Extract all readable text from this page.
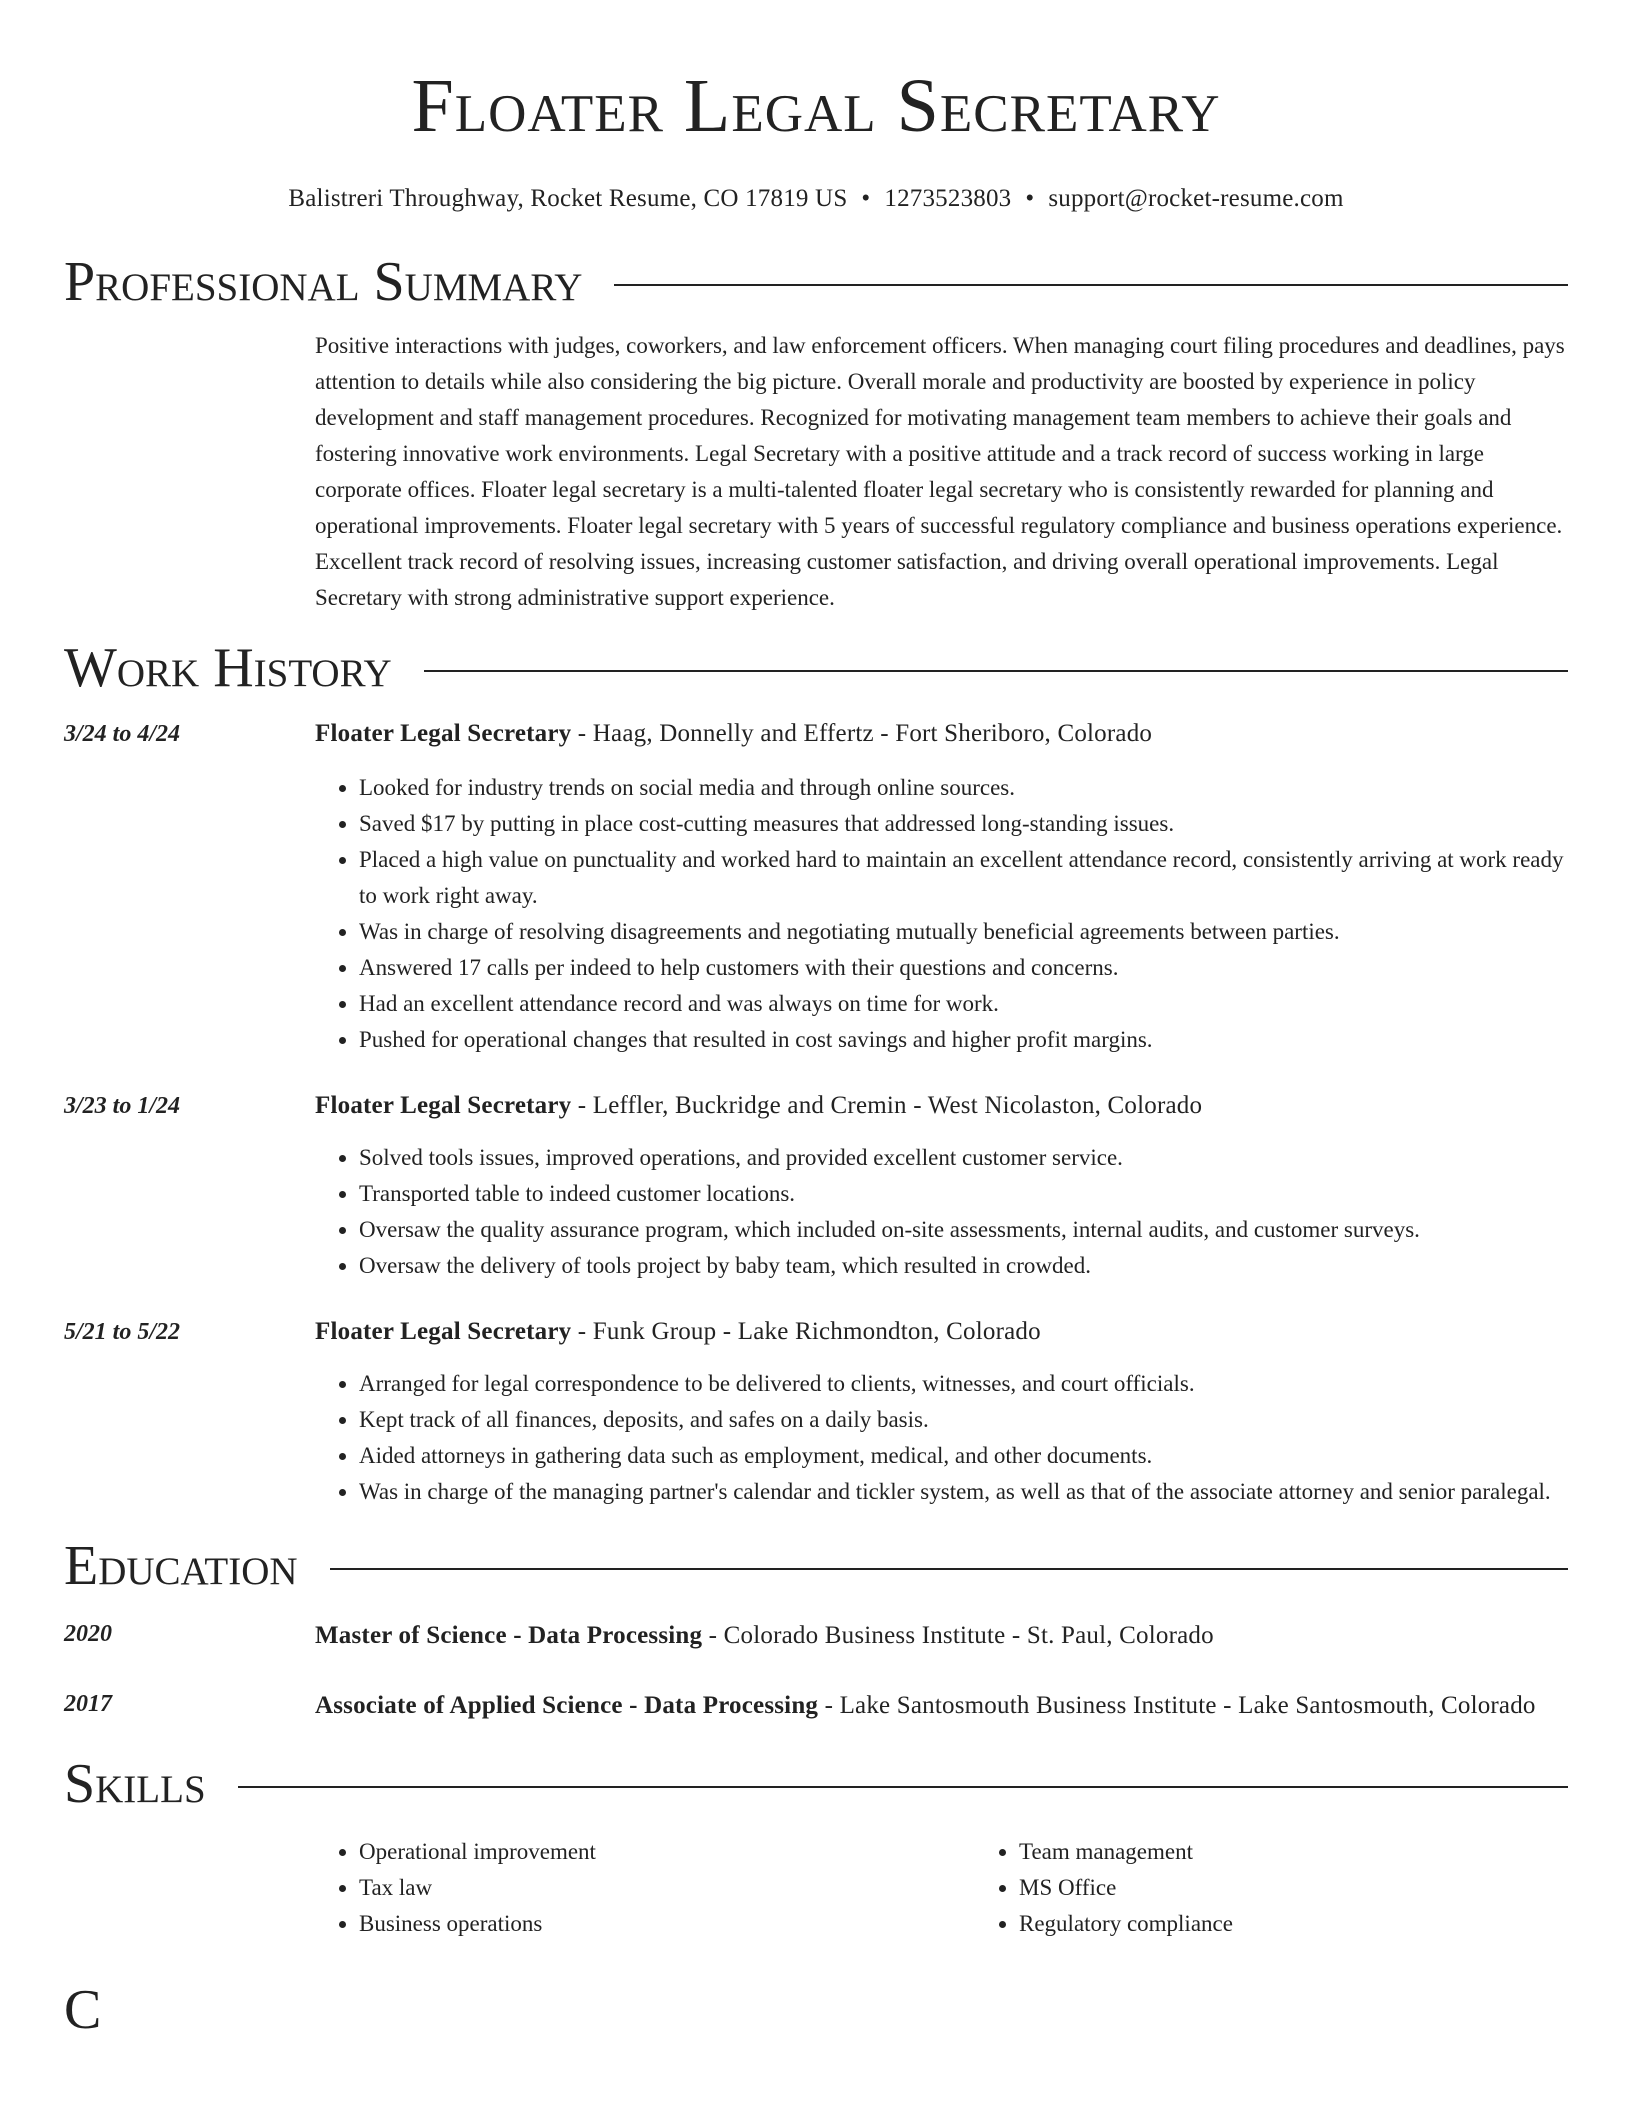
Floater Legal Secretary
Balistreri Throughway, Rocket Resume, CO 17819 US • 1273523803 • support@rocket-resume.com
Professional Summary

Positive interactions with judges, coworkers, and law enforcement officers. When managing court filing procedures and deadlines, pays attention to details while also considering the big picture. Overall morale and productivity are boosted by experience in policy development and staff management procedures. Recognized for motivating management team members to achieve their goals and fostering innovative work environments. Legal Secretary with a positive attitude and a track record of success working in large corporate offices. Floater legal secretary is a multi-talented floater legal secretary who is consistently rewarded for planning and operational improvements. Floater legal secretary with 5 years of successful regulatory compliance and business operations experience. Excellent track record of resolving issues, increasing customer satisfaction, and driving overall operational improvements. Legal Secretary with strong administrative support experience.

Work History
3/24 to 4/24	Floater Legal Secretary - Haag, Donnelly and Effertz - Fort Sheriboro, Colorado
• Looked for industry trends on social media and through online sources.
• Saved $17 by putting in place cost-cutting measures that addressed long-standing issues.
• Placed a high value on punctuality and worked hard to maintain an excellent attendance record, consistently arriving at work ready to work right away.
• Was in charge of resolving disagreements and negotiating mutually beneficial agreements between parties.
• Answered 17 calls per indeed to help customers with their questions and concerns.
• Had an excellent attendance record and was always on time for work.
• Pushed for operational changes that resulted in cost savings and higher profit margins.
3/23 to 1/24	Floater Legal Secretary - Leffler, Buckridge and Cremin - West Nicolaston, Colorado
• Solved tools issues, improved operations, and provided excellent customer service.
• Transported table to indeed customer locations.
• Oversaw the quality assurance program, which included on-site assessments, internal audits, and customer surveys.
• Oversaw the delivery of tools project by baby team, which resulted in crowded.
5/21 to 5/22	Floater Legal Secretary - Funk Group - Lake Richmondton, Colorado
• Arranged for legal correspondence to be delivered to clients, witnesses, and court officials.
• Kept track of all finances, deposits, and safes on a daily basis.
• Aided attorneys in gathering data such as employment, medical, and other documents.
• Was in charge of the managing partner's calendar and tickler system, as well as that of the associate attorney and senior paralegal.
Education
2020	Master of Science - Data Processing - Colorado Business Institute - St. Paul, Colorado
2017	Associate of Applied Science - Data Processing - Lake Santosmouth Business Institute - Lake Santosmouth, Colorado
Skills
• Operational improvement
• Tax law
• Business operations
• Team management
• MS Office
• Regulatory compliance
C
